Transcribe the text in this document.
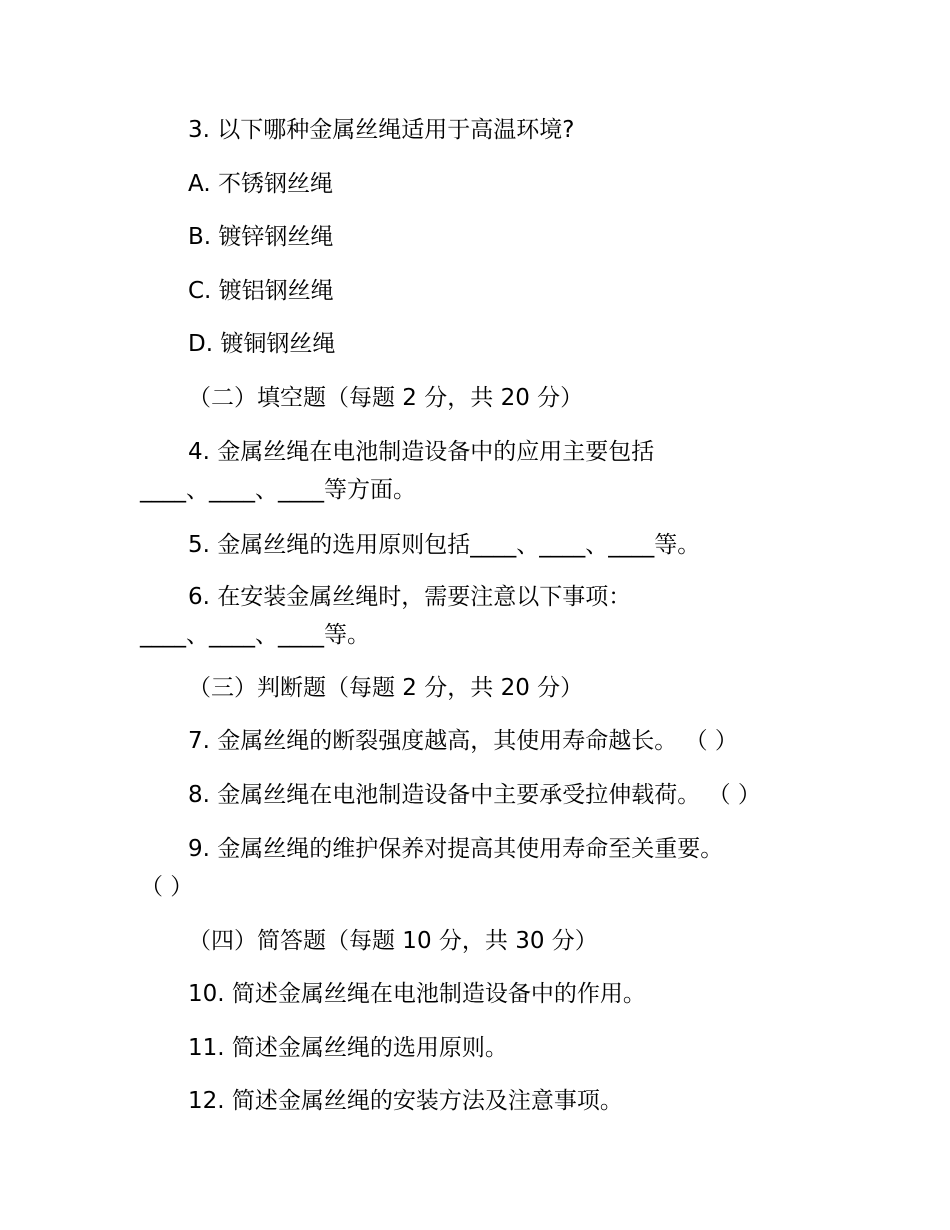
3. 以下哪种金属丝绳适用于高温环境?
A. 不锈钢丝绳
B. 镀锌钢丝绳
C. 镀铝钢丝绳
D. 镀铜钢丝绳
（二）填空题（每题 2 分，共 20 分）
4. 金属丝绳在电池制造设备中的应用主要包括
____、____、____等方面。
5. 金属丝绳的选用原则包括____、____、____等。
6. 在安装金属丝绳时，需要注意以下事项：
____、____、____等。
（三）判断题（每题 2 分，共 20 分）
7. 金属丝绳的断裂强度越高，其使用寿命越长。 （ ）
8. 金属丝绳在电池制造设备中主要承受拉伸载荷。 （ ）
9. 金属丝绳的维护保养对提高其使用寿命至关重要。
（ ）
（四）简答题（每题 10 分，共 30 分）
10. 简述金属丝绳在电池制造设备中的作用。
11. 简述金属丝绳的选用原则。
12. 简述金属丝绳的安装方法及注意事项。
